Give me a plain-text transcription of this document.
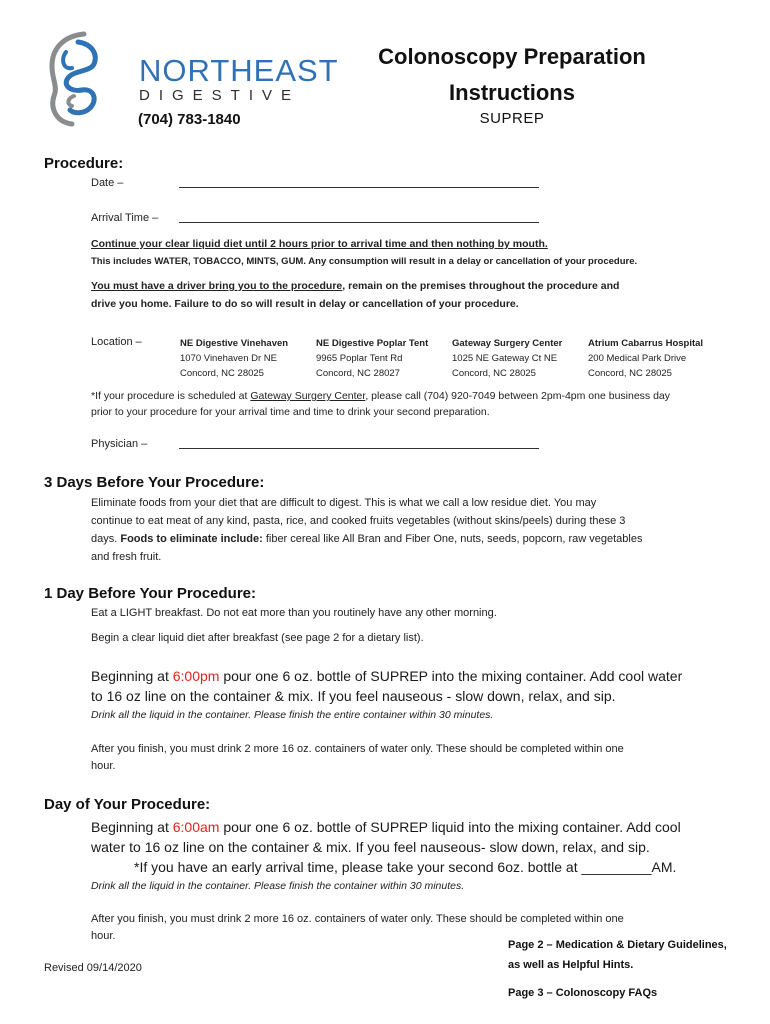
NORTHEAST
DIGESTIVE
(704) 783-1840
Colonoscopy Preparation
Instructions
SUPREP
Procedure:
Date –
Arrival Time –
Continue your clear liquid diet until 2 hours prior to arrival time and then nothing by mouth.
This includes WATER, TOBACCO, MINTS, GUM. Any consumption will result in a delay or cancellation of your procedure.
You must have a driver bring you to the procedure, remain on the premises throughout the procedure and
drive you home. Failure to do so will result in delay or cancellation of your procedure.
Location –	NE Digestive Vinehaven
1070 Vinehaven Dr NE
Concord, NC 28025
NE Digestive Poplar Tent
9965 Poplar Tent Rd
Concord, NC 28027
Gateway Surgery Center
1025 NE Gateway Ct NE
Concord, NC 28025
Atrium Cabarrus Hospital
200 Medical Park Drive
Concord, NC 28025
*If your procedure is scheduled at Gateway Surgery Center, please call (704) 920-7049 between 2pm-4pm one business day
prior to your procedure for your arrival time and time to drink your second preparation.
Physician –
3 Days Before Your Procedure:
Eliminate foods from your diet that are difficult to digest. This is what we call a low residue diet. You may
continue to eat meat of any kind, pasta, rice, and cooked fruits vegetables (without skins/peels) during these 3
days. Foods to eliminate include: fiber cereal like All Bran and Fiber One, nuts, seeds, popcorn, raw vegetables
and fresh fruit.
1 Day Before Your Procedure:
Eat a LIGHT breakfast. Do not eat more than you routinely have any other morning.
Begin a clear liquid diet after breakfast (see page 2 for a dietary list).
Beginning at 6:00pm pour one 6 oz. bottle of SUPREP into the mixing container. Add cool water
to 16 oz line on the container & mix. If you feel nauseous - slow down, relax, and sip.
Drink all the liquid in the container. Please finish the entire container within 30 minutes.
After you finish, you must drink 2 more 16 oz. containers of water only. These should be completed within one
hour.
Day of Your Procedure:
Beginning at 6:00am pour one 6 oz. bottle of SUPREP liquid into the mixing container. Add cool
water to 16 oz line on the container & mix. If you feel nauseous- slow down, relax, and sip.
*If you have an early arrival time, please take your second 6oz. bottle at _________AM.
Drink all the liquid in the container. Please finish the container within 30 minutes.
After you finish, you must drink 2 more 16 oz. containers of water only. These should be completed within one
hour.
Revised 09/14/2020
Page 2 – Medication & Dietary Guidelines,
as well as Helpful Hints.
Page 3 – Colonoscopy FAQs
